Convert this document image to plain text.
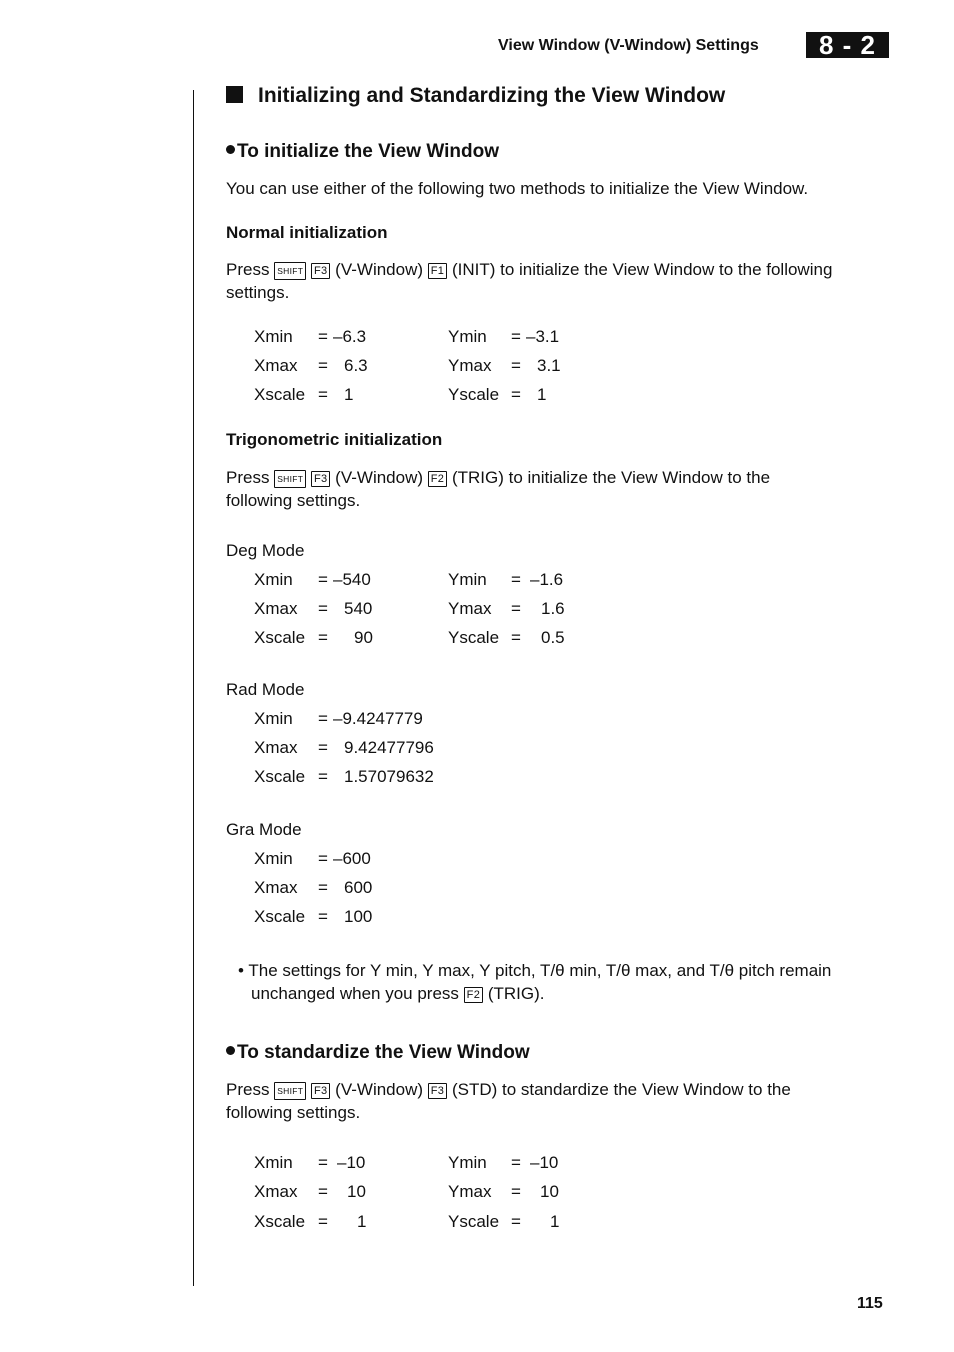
View Window (V-Window) Settings	8 - 2
Initializing and Standardizing the View Window
To initialize the View Window
You can use either of the following two methods to initialize the View Window.
Normal initialization
Press SHIFT F3 (V-Window) F1 (INIT) to initialize the View Window to the following
settings.
Xmin = –6.3	Ymin = –3.1
Xmax = 6.3	Ymax = 3.1
Xscale = 1	Yscale = 1
Trigonometric initialization
Press SHIFT F3 (V-Window) F2 (TRIG) to initialize the View Window to the
following settings.
Deg Mode
Xmin = –540	Ymin = –1.6
Xmax = 540	Ymax = 1.6
Xscale = 90	Yscale = 0.5
Rad Mode
Xmin = –9.4247779
Xmax = 9.42477796
Xscale = 1.57079632
Gra Mode
Xmin = –600
Xmax = 600
Xscale = 100
• The settings for Y min, Y max, Y pitch, T/θ min, T/θ max, and T/θ pitch remain
unchanged when you press F2 (TRIG).
To standardize the View Window
Press SHIFT F3 (V-Window) F3 (STD) to standardize the View Window to the
following settings.
Xmin = –10	Ymin = –10
Xmax = 10	Ymax = 10
Xscale = 1	Yscale = 1
115
